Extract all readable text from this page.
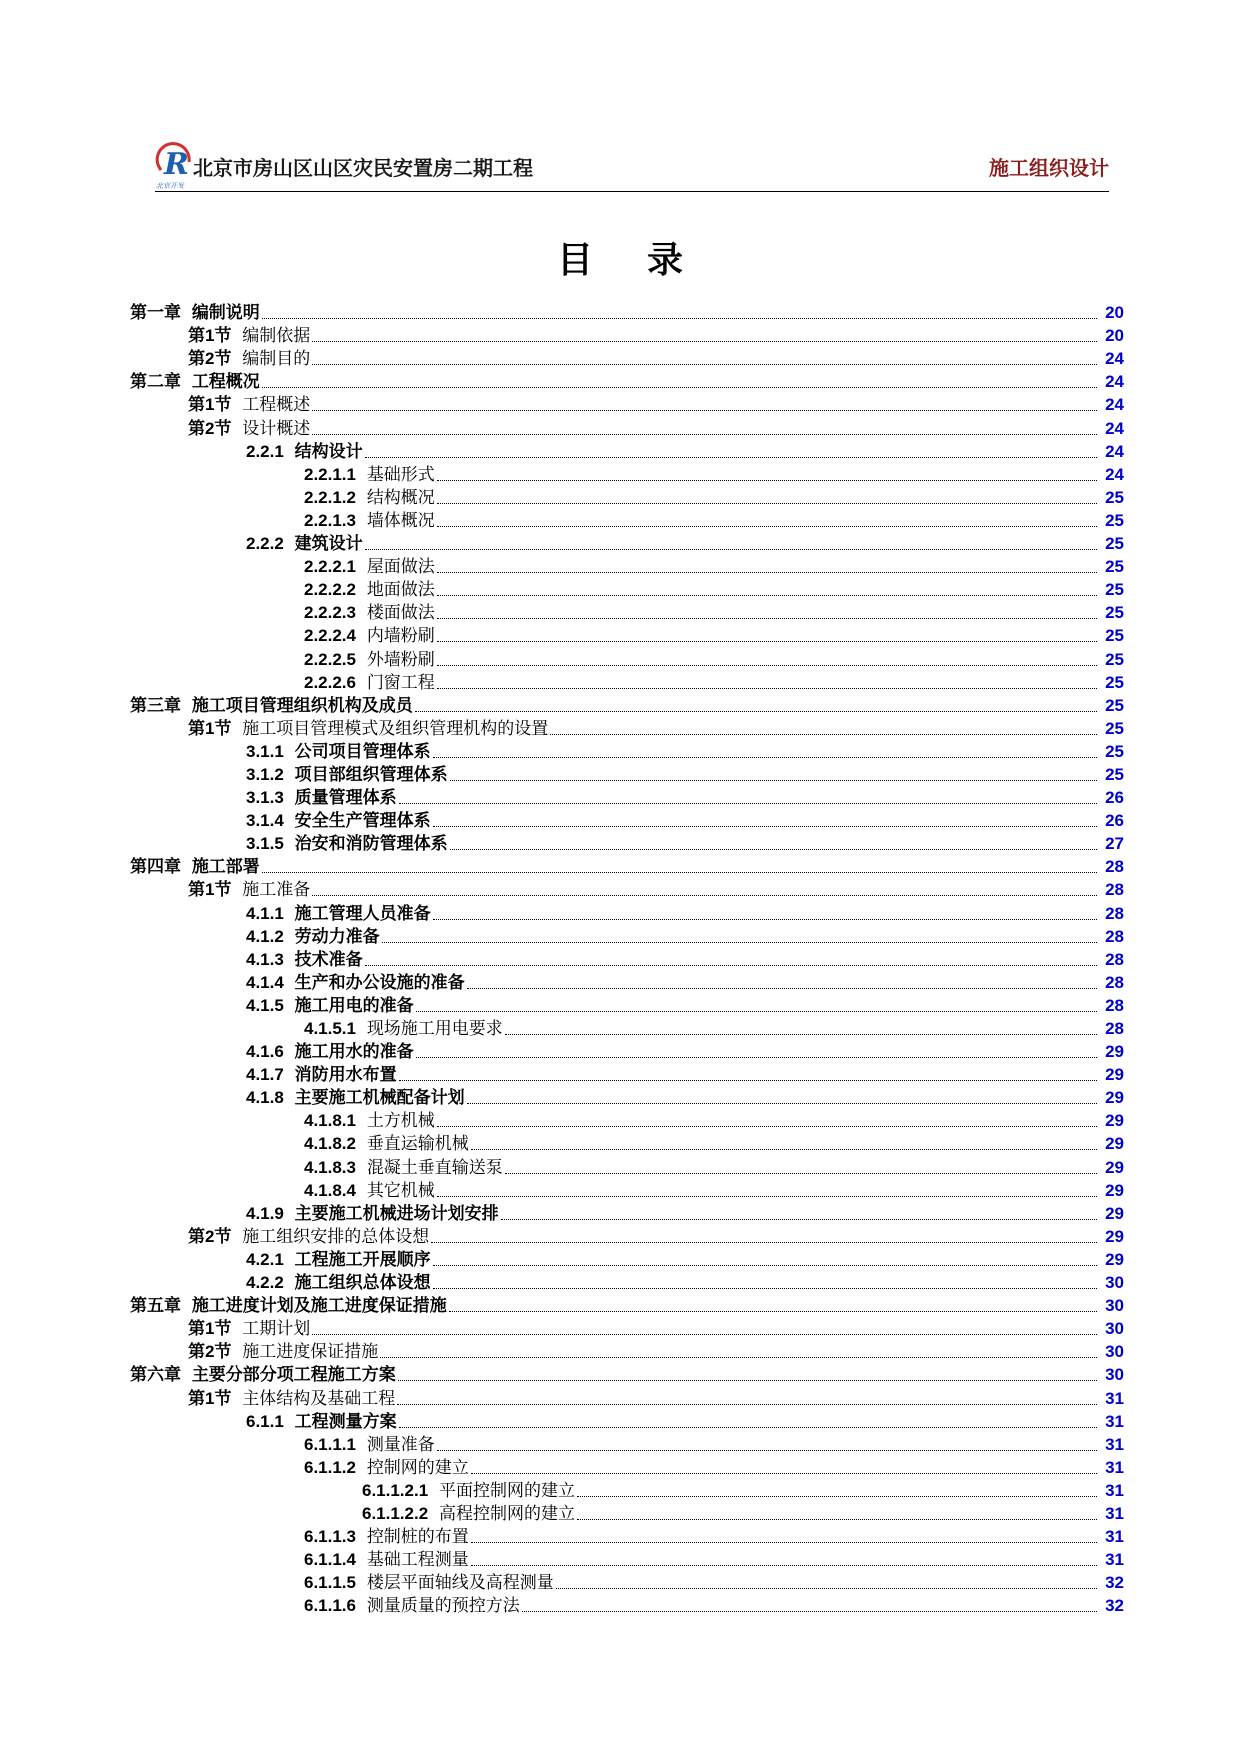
R
北京开发
北京市房山区山区灾民安置房二期工程	施工组织设计
目录
第一章 编制说明	20
第1节 编制依据	20
第2节 编制目的	24
第二章 工程概况	24
第1节 工程概述	24
第2节 设计概述	24
2.2.1 结构设计	24
2.2.1.1 基础形式	24
2.2.1.2 结构概况	25
2.2.1.3 墙体概况	25
2.2.2 建筑设计	25
2.2.2.1 屋面做法	25
2.2.2.2 地面做法	25
2.2.2.3 楼面做法	25
2.2.2.4 内墙粉刷	25
2.2.2.5 外墙粉刷	25
2.2.2.6 门窗工程	25
第三章 施工项目管理组织机构及成员	25
第1节 施工项目管理模式及组织管理机构的设置	25
3.1.1 公司项目管理体系	25
3.1.2 项目部组织管理体系	25
3.1.3 质量管理体系	26
3.1.4 安全生产管理体系	26
3.1.5 治安和消防管理体系	27
第四章 施工部署	28
第1节 施工准备	28
4.1.1 施工管理人员准备	28
4.1.2 劳动力准备	28
4.1.3 技术准备	28
4.1.4 生产和办公设施的准备	28
4.1.5 施工用电的准备	28
4.1.5.1 现场施工用电要求	28
4.1.6 施工用水的准备	29
4.1.7 消防用水布置	29
4.1.8 主要施工机械配备计划	29
4.1.8.1 土方机械	29
4.1.8.2 垂直运输机械	29
4.1.8.3 混凝土垂直输送泵	29
4.1.8.4 其它机械	29
4.1.9 主要施工机械进场计划安排	29
第2节 施工组织安排的总体设想	29
4.2.1 工程施工开展顺序	29
4.2.2 施工组织总体设想	30
第五章 施工进度计划及施工进度保证措施	30
第1节 工期计划	30
第2节 施工进度保证措施	30
第六章 主要分部分项工程施工方案	30
第1节 主体结构及基础工程	31
6.1.1 工程测量方案	31
6.1.1.1 测量准备	31
6.1.1.2 控制网的建立	31
6.1.1.2.1 平面控制网的建立	31
6.1.1.2.2 高程控制网的建立	31
6.1.1.3 控制桩的布置	31
6.1.1.4 基础工程测量	31
6.1.1.5 楼层平面轴线及高程测量	32
6.1.1.6 测量质量的预控方法	32
